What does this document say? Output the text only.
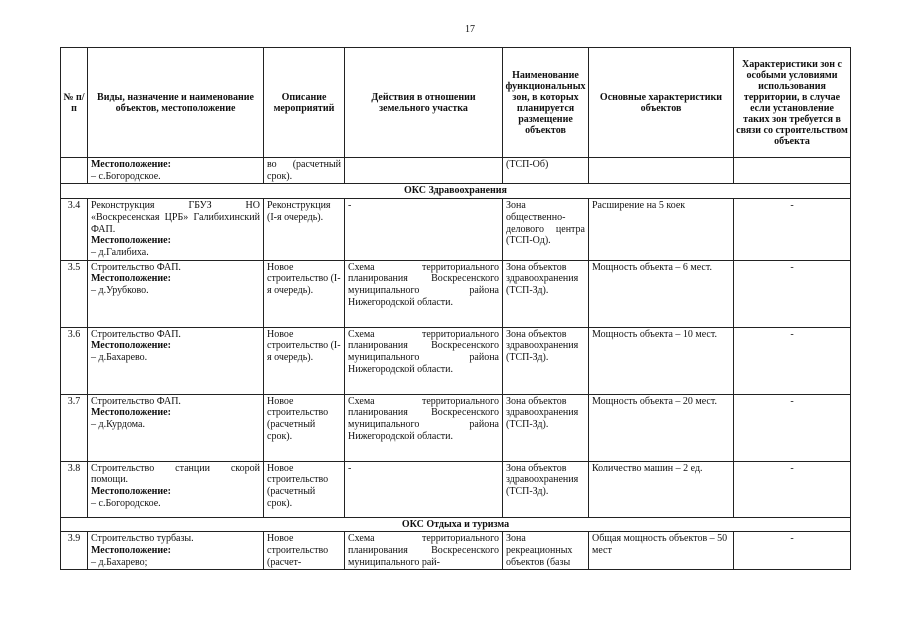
17
№ п/п	Виды, назначение и наименование объектов, местоположение	Описание мероприятий	Действия в отношении земельного участка	Наименование функциональных зон, в которых планируется размещение объектов	Основные характеристики объектов	Характеристики зон с особыми условиями использования территории, в случае если установление таких зон требуется в связи со строительством объекта

	Местоположение:
– с.Богородское.	во (расчетный срок).		(ТСП-Об)		
ОКС Здравоохранения						
3.4	Реконструкция ГБУЗ НО «Воскресенская ЦРБ» Галибихинский ФАП.
Местоположение:
– д.Галибиха.	Реконструкция (I-я очередь).	-	Зона общественно-делового центра (ТСП-Од).	Расширение на 5 коек	-
3.5	Строительство ФАП.
Местоположение:
– д.Урубково.	Новое строительство (I-я очередь).	Схема территориального планирования Воскресенского муниципального района Нижегородской области.	Зона объектов здравоохранения (ТСП-Зд).	Мощность объекта – 6 мест.	-
3.6	Строительство ФАП.
Местоположение:
– д.Бахарево.	Новое строительство (I-я очередь).	Схема территориального планирования Воскресенского муниципального района Нижегородской области.	Зона объектов здравоохранения (ТСП-Зд).	Мощность объекта – 10 мест.	-
3.7	Строительство ФАП.
Местоположение:
– д.Курдома.	Новое строительство (расчетный срок).	Схема территориального планирования Воскресенского муниципального района Нижегородской области.	Зона объектов здравоохранения (ТСП-Зд).	Мощность объекта – 20 мест.	-
3.8	Строительство станции скорой помощи.
Местоположение:
– с.Богородское.	Новое строительство (расчетный срок).	-	Зона объектов здравоохранения (ТСП-Зд).	Количество машин – 2 ед.	-
ОКС Отдыха и туризма						
3.9	Строительство турбазы.
Местоположение:
– д.Бахарево;	Новое строительство (расчет-	Схема территориального планирования Воскресенского муниципального рай-	Зона рекреационных объектов (базы	Общая мощность объектов – 50 мест	-
